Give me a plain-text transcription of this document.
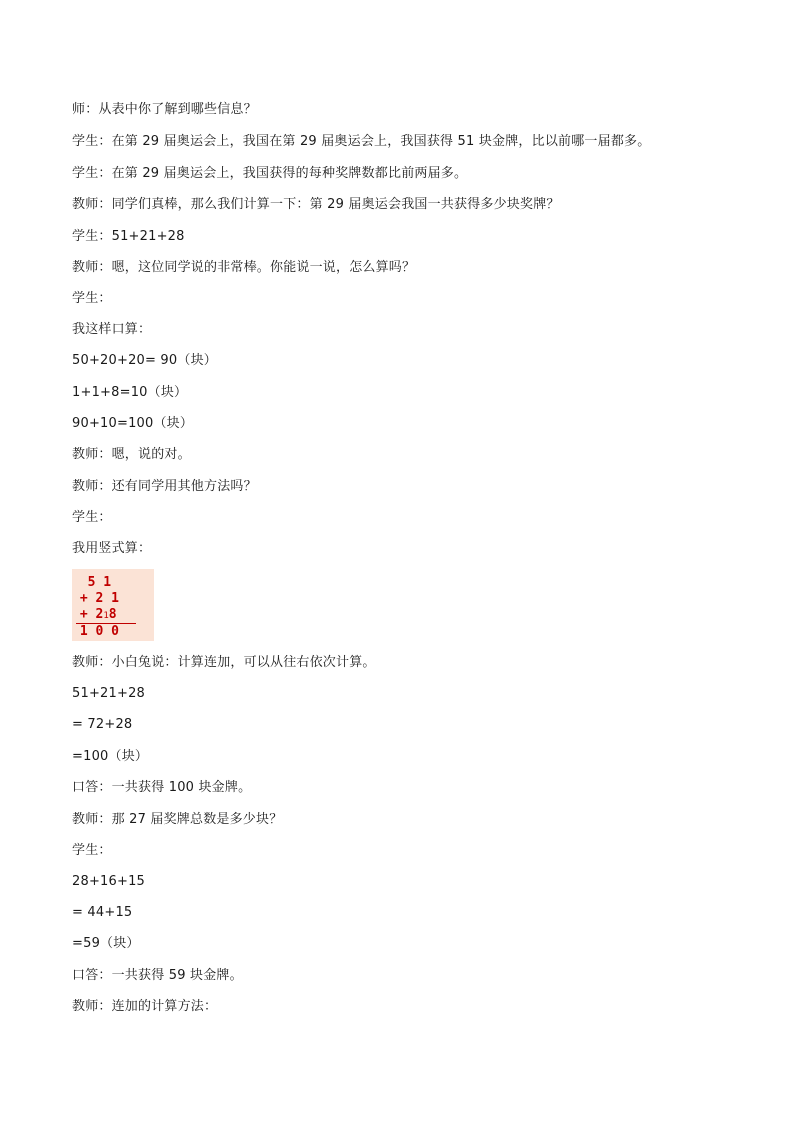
师：从表中你了解到哪些信息？
学生：在第 29 届奥运会上，我国在第 29 届奥运会上，我国获得 51 块金牌，比以前哪一届都多。
学生：在第 29 届奥运会上，我国获得的每种奖牌数都比前两届多。
教师：同学们真棒，那么我们计算一下：第 29 届奥运会我国一共获得多少块奖牌？
学生：51+21+28
教师：嗯，这位同学说的非常棒。你能说一说，怎么算吗？
学生：
我这样口算：
50+20+20= 90（块）
1+1+8=10（块）
90+10=100（块）
教师：嗯，说的对。
教师：还有同学用其他方法吗？
学生：
我用竖式算：
5 1
+ 2 1
+ 218
1 0 0
教师：小白兔说：计算连加，可以从往右依次计算。
51+21+28
= 72+28
=100（块）
口答：一共获得 100 块金牌。
教师：那 27 届奖牌总数是多少块？
学生：
28+16+15
= 44+15
=59（块）
口答：一共获得 59 块金牌。
教师：连加的计算方法：
